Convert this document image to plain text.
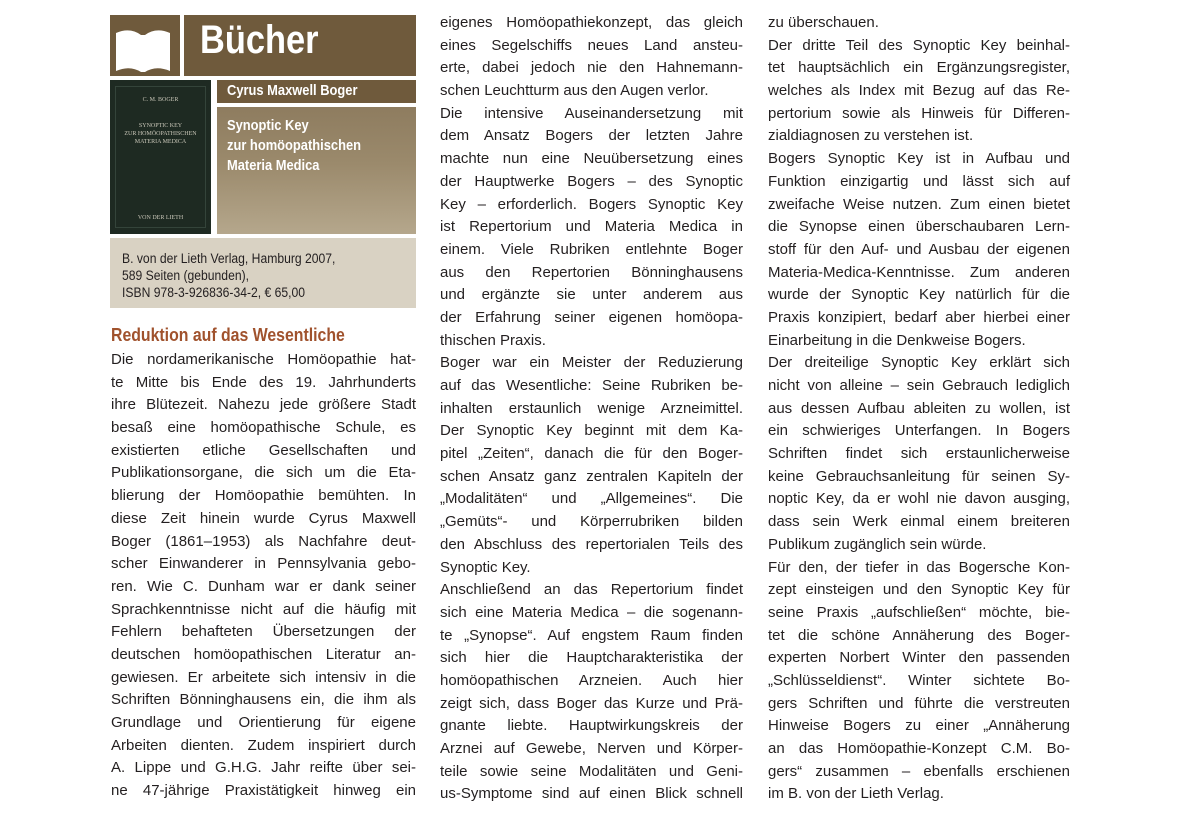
Bücher
C. M. BOGER
SYNOPTIC KEY
ZUR HOMÖOPATHISCHEN
MATERIA MEDICA
VON DER LIETH
Cyrus Maxwell Boger
Synoptic Key
zur homöopathischen
Materia Medica
B. von der Lieth Verlag, Hamburg 2007,
589 Seiten (gebunden),
ISBN 978-3-926836-34-2, € 65,00
Reduktion auf das Wesentliche
Die nordamerikanische Homöopathie hat-
te Mitte bis Ende des 19. Jahrhunderts
ihre Blütezeit. Nahezu jede größere Stadt
besaß eine homöopathische Schule, es
existierten etliche Gesellschaften und
Publikationsorgane, die sich um die Eta-
blierung der Homöopathie bemühten. In
diese Zeit hinein wurde Cyrus Maxwell
Boger (1861–1953) als Nachfahre deut-
scher Einwanderer in Pennsylvania gebo-
ren. Wie C. Dunham war er dank seiner
Sprachkenntnisse nicht auf die häufig mit
Fehlern behafteten Übersetzungen der
deutschen homöopathischen Literatur an-
gewiesen. Er arbeitete sich intensiv in die
Schriften Bönninghausens ein, die ihm als
Grundlage und Orientierung für eigene
Arbeiten dienten. Zudem inspiriert durch
A. Lippe und G.H.G. Jahr reifte über sei-
ne 47-jährige Praxistätigkeit hinweg ein
eigenes Homöopathiekonzept, das gleich
eines Segelschiffs neues Land ansteu-
erte, dabei jedoch nie den Hahnemann-
schen Leuchtturm aus den Augen verlor.
Die intensive Auseinandersetzung mit
dem Ansatz Bogers der letzten Jahre
machte nun eine Neuübersetzung eines
der Hauptwerke Bogers – des Synoptic
Key – erforderlich. Bogers Synoptic Key
ist Repertorium und Materia Medica in
einem. Viele Rubriken entlehnte Boger
aus den Repertorien Bönninghausens
und ergänzte sie unter anderem aus
der Erfahrung seiner eigenen homöopa-
thischen Praxis.
Boger war ein Meister der Reduzierung
auf das Wesentliche: Seine Rubriken be-
inhalten erstaunlich wenige Arzneimittel.
Der Synoptic Key beginnt mit dem Ka-
pitel „Zeiten“, danach die für den Boger-
schen Ansatz ganz zentralen Kapiteln der
„Modalitäten“ und „Allgemeines“. Die
„Gemüts“- und Körperrubriken bilden
den Abschluss des repertorialen Teils des
Synoptic Key.
Anschließend an das Repertorium findet
sich eine Materia Medica – die sogenann-
te „Synopse“. Auf engstem Raum finden
sich hier die Hauptcharakteristika der
homöopathischen Arzneien. Auch hier
zeigt sich, dass Boger das Kurze und Prä-
gnante liebte. Hauptwirkungskreis der
Arznei auf Gewebe, Nerven und Körper-
teile sowie seine Modalitäten und Geni-
us-Symptome sind auf einen Blick schnell
zu überschauen.
Der dritte Teil des Synoptic Key beinhal-
tet hauptsächlich ein Ergänzungsregister,
welches als Index mit Bezug auf das Re-
pertorium sowie als Hinweis für Differen-
zialdiagnosen zu verstehen ist.
Bogers Synoptic Key ist in Aufbau und
Funktion einzigartig und lässt sich auf
zweifache Weise nutzen. Zum einen bietet
die Synopse einen überschaubaren Lern-
stoff für den Auf- und Ausbau der eigenen
Materia-Medica-Kenntnisse. Zum anderen
wurde der Synoptic Key natürlich für die
Praxis konzipiert, bedarf aber hierbei einer
Einarbeitung in die Denkweise Bogers.
Der dreiteilige Synoptic Key erklärt sich
nicht von alleine – sein Gebrauch lediglich
aus dessen Aufbau ableiten zu wollen, ist
ein schwieriges Unterfangen. In Bogers
Schriften findet sich erstaunlicherweise
keine Gebrauchsanleitung für seinen Sy-
noptic Key, da er wohl nie davon ausging,
dass sein Werk einmal einem breiteren
Publikum zugänglich sein würde.
Für den, der tiefer in das Bogersche Kon-
zept einsteigen und den Synoptic Key für
seine Praxis „aufschließen“ möchte, bie-
tet die schöne Annäherung des Boger-
experten Norbert Winter den passenden
„Schlüsseldienst“. Winter sichtete Bo-
gers Schriften und führte die verstreuten
Hinweise Bogers zu einer „Annäherung
an das Homöopathie-Konzept C.M. Bo-
gers“ zusammen – ebenfalls erschienen
im B. von der Lieth Verlag.
